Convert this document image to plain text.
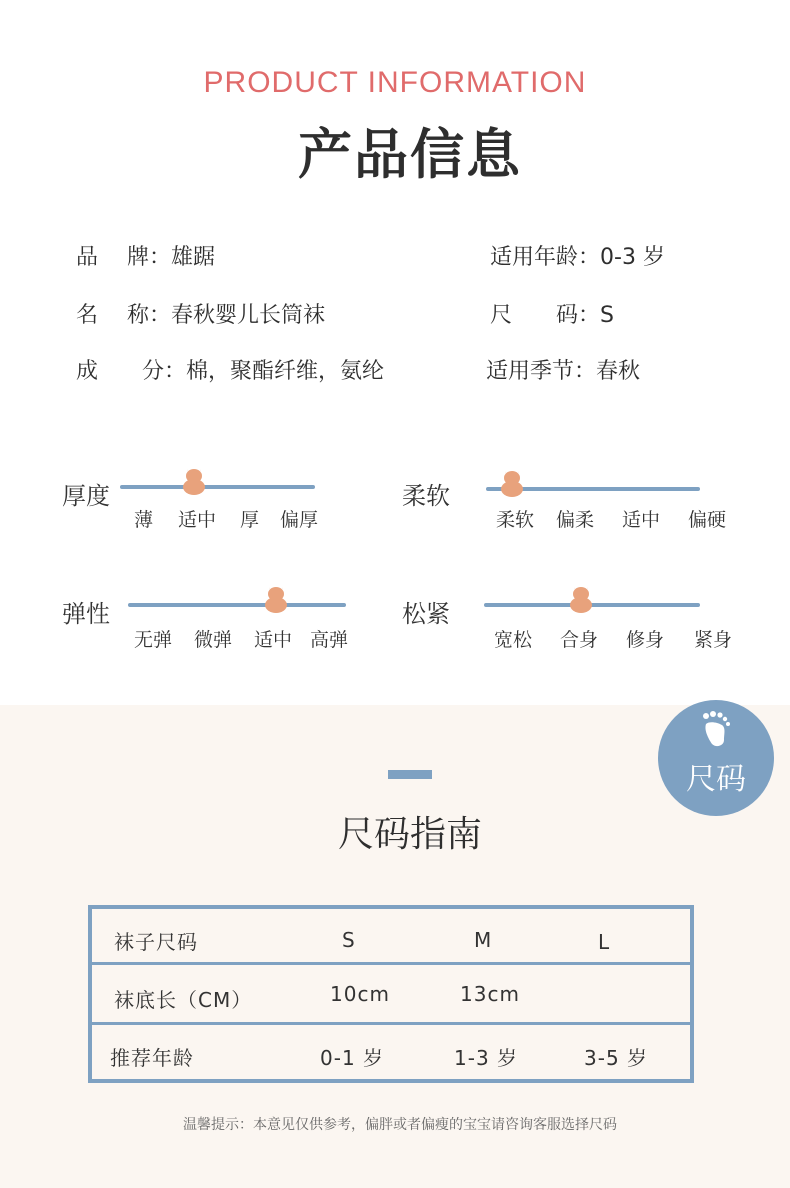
PRODUCT INFORMATION
产品信息
品　 牌：雄踞	适用年龄：0-3 岁
名　 称：春秋婴儿长筒袜	尺　　码：S
成　　分：棉，聚酯纤维，氨纶	适用季节：春秋
厚度
薄 适中 厚 偏厚
柔软
柔软 偏柔 适中 偏硬
弹性
无弹 微弹 适中 高弹
松紧
宽松 合身 修身 紧身
尺码
尺码指南
袜子尺码	S	M	L
袜底长（CM）	10cm	13cm
推荐年龄	0-1 岁	1-3 岁	3-5 岁
温馨提示：本意见仅供参考，偏胖或者偏瘦的宝宝请咨询客服选择尺码
